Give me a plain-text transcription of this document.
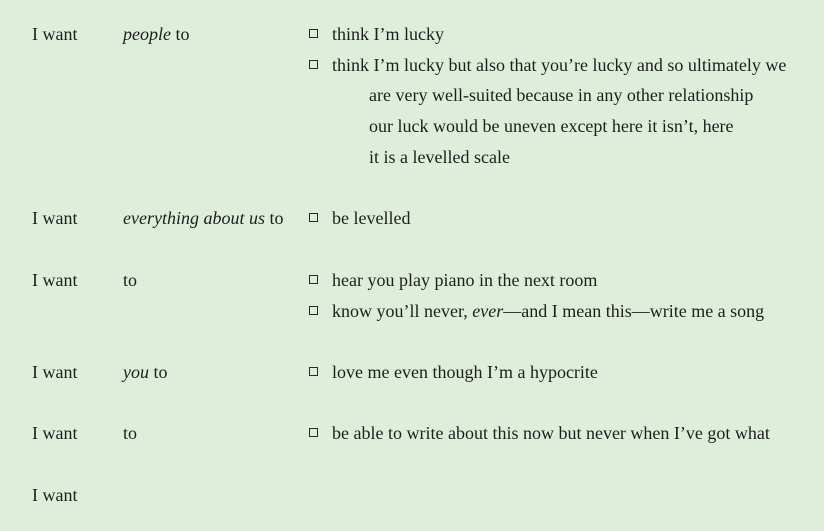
I want	people to	think I’m lucky
think I’m lucky but also that you’re lucky and so ultimately we
are very well-suited because in any other relationship
our luck would be uneven except here it isn’t, here
it is a levelled scale
I want	everything about us to	be levelled
I want	to	hear you play piano in the next room
know you’ll never, ever—and I mean this—write me a song
I want	you to	love me even though I’m a hypocrite
I want	to	be able to write about this now but never when I’ve got what
I want
